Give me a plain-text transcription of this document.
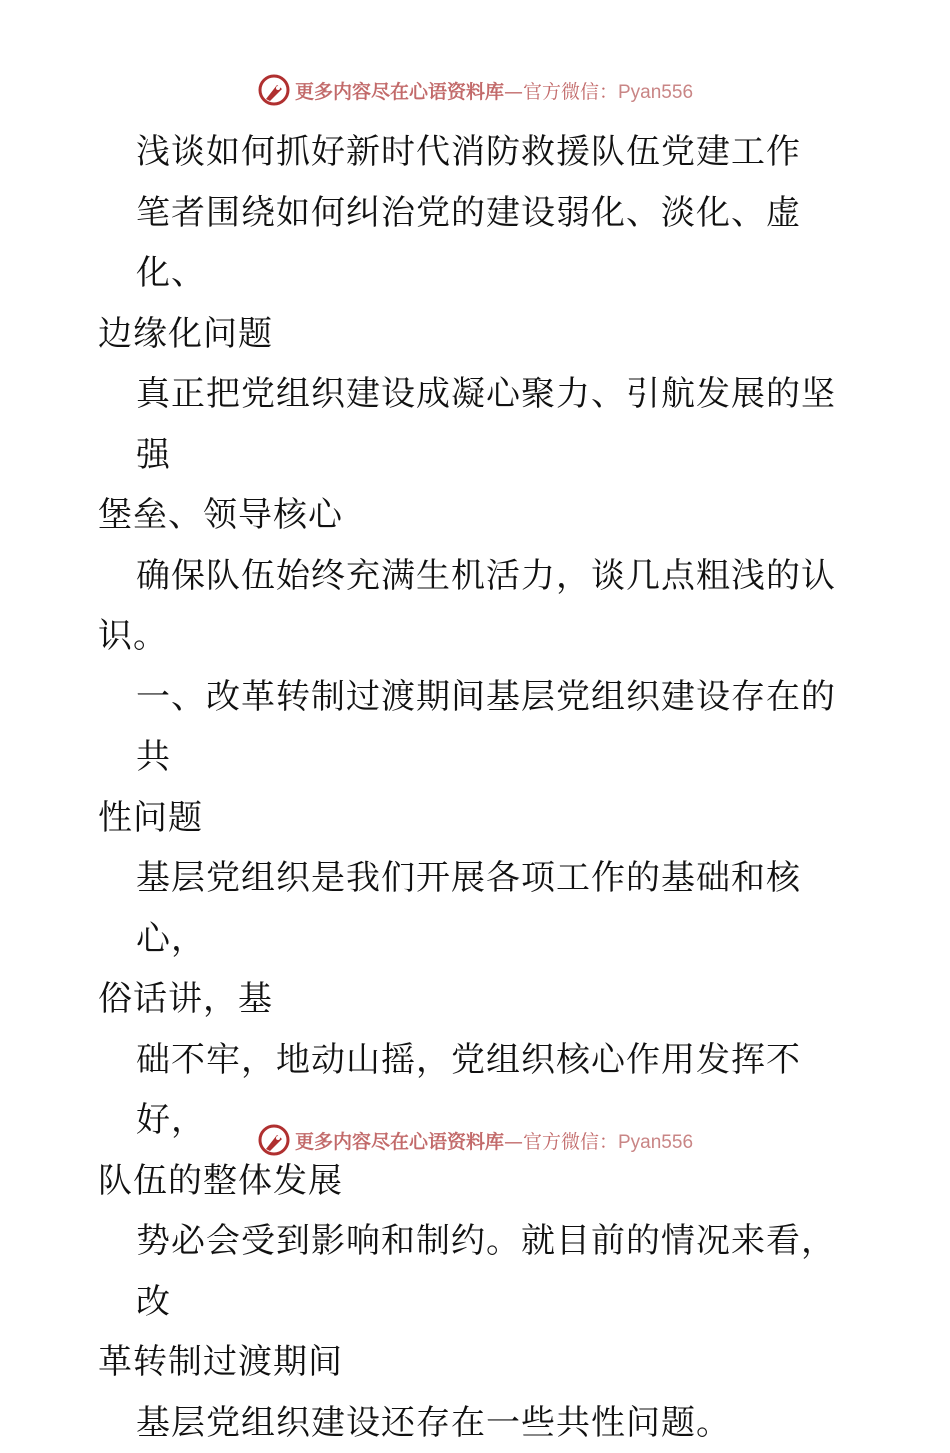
更多内容尽在心语资料库—官方微信：Pyan556

浅谈如何抓好新时代消防救援队伍党建工作

笔者围绕如何纠治党的建设弱化、淡化、虚化、
边缘化问题

真正把党组织建设成凝心聚力、引航发展的坚强
堡垒、领导核心

确保队伍始终充满生机活力，谈几点粗浅的认
识。

一、改革转制过渡期间基层党组织建设存在的共
性问题

基层党组织是我们开展各项工作的基础和核心，
俗话讲，基

础不牢，地动山摇，党组织核心作用发挥不好，
队伍的整体发展

势必会受到影响和制约。就目前的情况来看，改
革转制过渡期间

基层党组织建设还存在一些共性问题。

更多内容尽在心语资料库—官方微信：Pyan556
